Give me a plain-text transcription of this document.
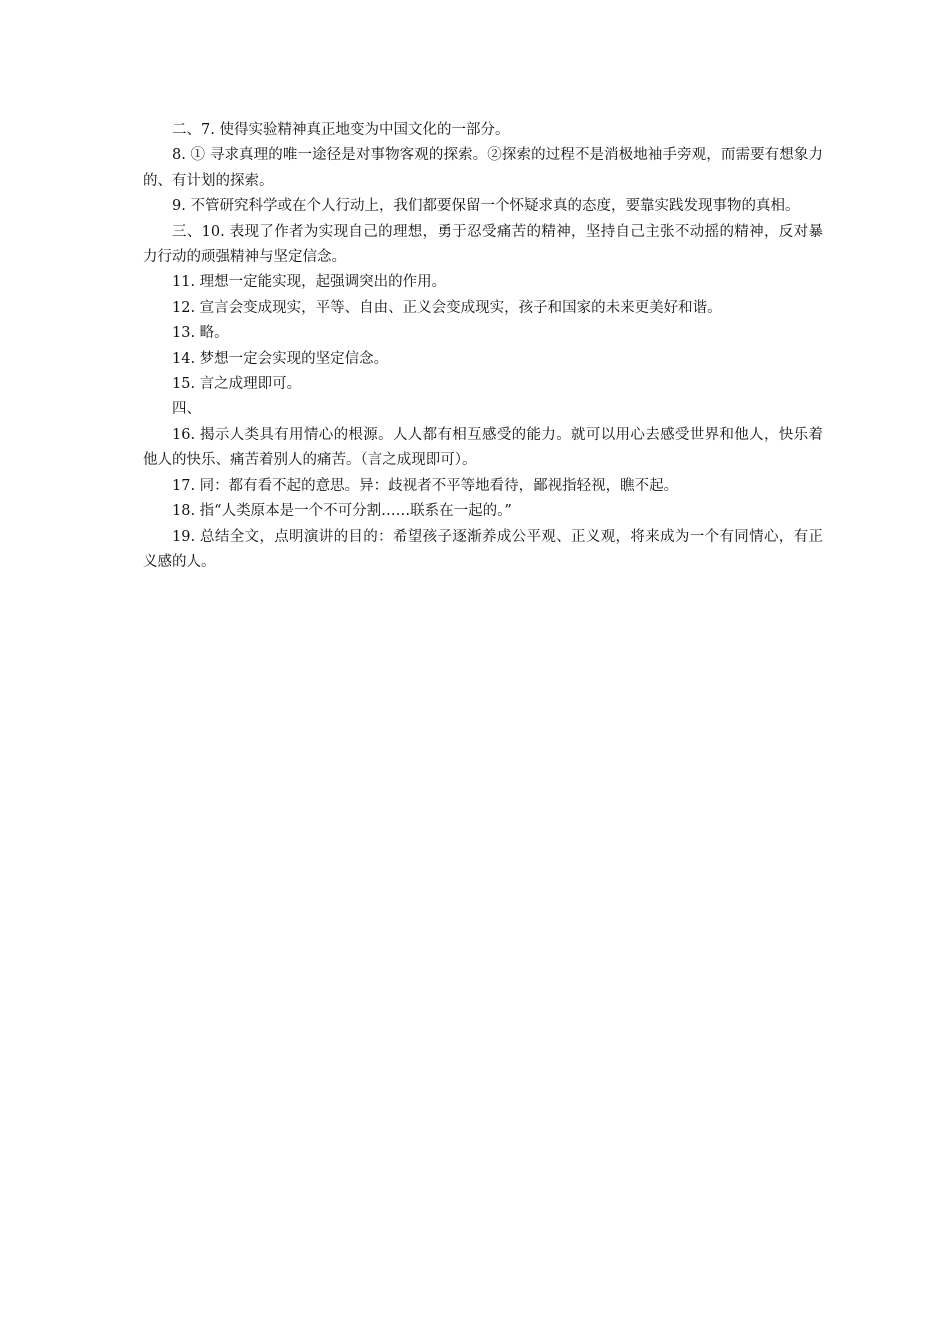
二、7. 使得实验精神真正地变为中国文化的一部分。

8. ① 寻求真理的唯一途径是对事物客观的探索。②探索的过程不是消极地袖手旁观，而需要有想象力的、有计划的探索。

9. 不管研究科学或在个人行动上，我们都要保留一个怀疑求真的态度，要靠实践发现事物的真相。

三、10. 表现了作者为实现自己的理想，勇于忍受痛苦的精神，坚持自己主张不动摇的精神，反对暴力行动的顽强精神与坚定信念。

11. 理想一定能实现，起强调突出的作用。

12. 宣言会变成现实，平等、自由、正义会变成现实，孩子和国家的未来更美好和谐。

13. 略。

14. 梦想一定会实现的坚定信念。

15. 言之成理即可。

四、

16. 揭示人类具有用情心的根源。人人都有相互感受的能力。就可以用心去感受世界和他人，快乐着他人的快乐、痛苦着别人的痛苦。（言之成现即可）。

17. 同：都有看不起的意思。异：歧视者不平等地看待，鄙视指轻视，瞧不起。

18. 指“人类原本是一个不可分割……联系在一起的。”

19. 总结全文，点明演讲的目的：希望孩子逐渐养成公平观、正义观，将来成为一个有同情心，有正义感的人。
